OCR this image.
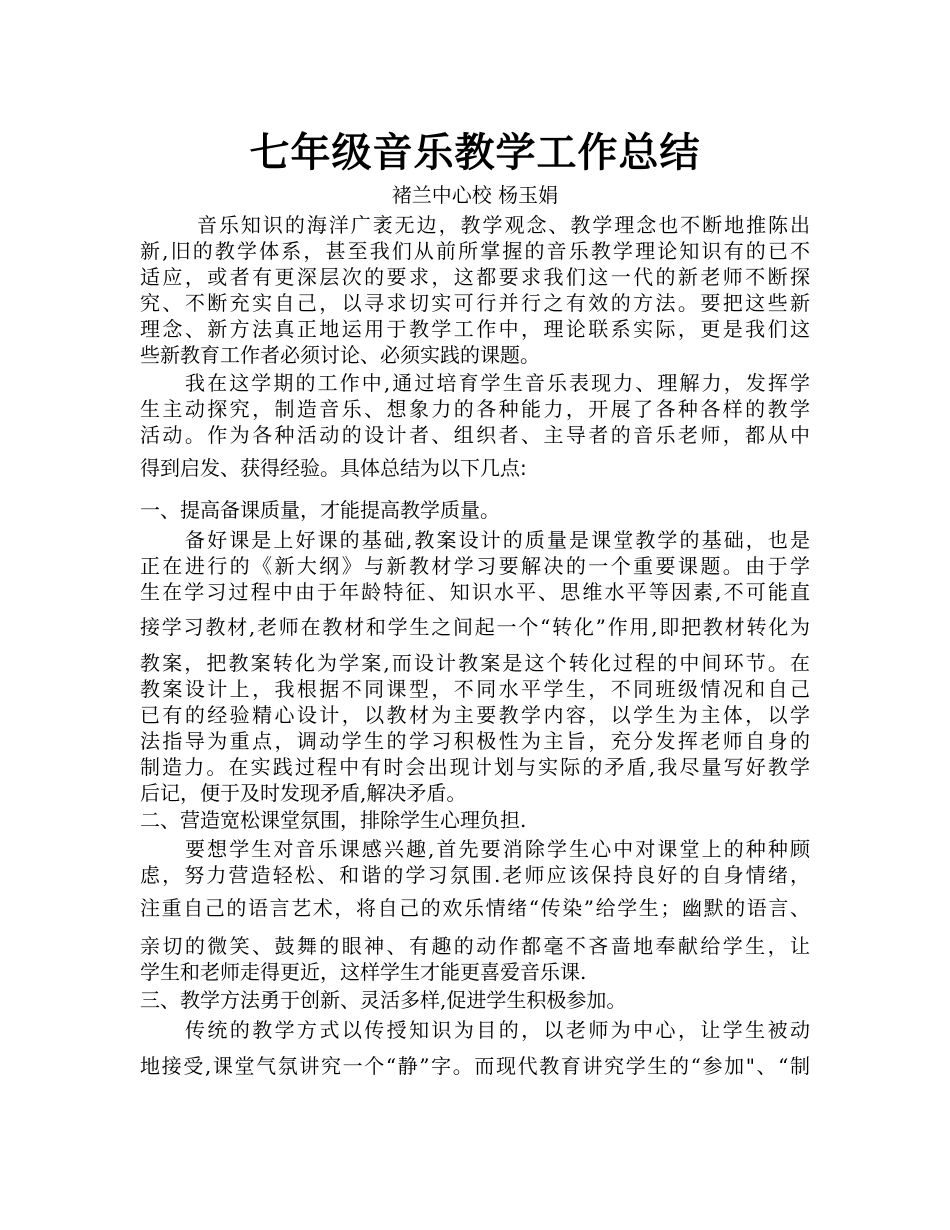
七年级音乐教学工作总结
褚兰中心校 杨玉娟
音乐知识的海洋广袤无边，教学观念、教学理念也不断地推陈出
新,旧的教学体系，甚至我们从前所掌握的音乐教学理论知识有的已不
适应，或者有更深层次的要求，这都要求我们这一代的新老师不断探
究、不断充实自己，以寻求切实可行并行之有效的方法。要把这些新
理念、新方法真正地运用于教学工作中，理论联系实际，更是我们这
些新教育工作者必须讨论、必须实践的课题。
我在这学期的工作中,通过培育学生音乐表现力、理解力，发挥学
生主动探究，制造音乐、想象力的各种能力，开展了各种各样的教学
活动。作为各种活动的设计者、组织者、主导者的音乐老师，都从中
得到启发、获得经验。具体总结为以下几点:
一、提高备课质量，才能提高教学质量。
备好课是上好课的基础,教案设计的质量是课堂教学的基础，也是
正在进行的《新大纲》与新教材学习要解决的一个重要课题。由于学
生在学习过程中由于年龄特征、知识水平、思维水平等因素,不可能直
接学习教材,老师在教材和学生之间起一个“转化”作用,即把教材转化为
教案，把教案转化为学案,而设计教案是这个转化过程的中间环节。在
教案设计上，我根据不同课型，不同水平学生，不同班级情况和自己
已有的经验精心设计，以教材为主要教学内容，以学生为主体，以学
法指导为重点，调动学生的学习积极性为主旨，充分发挥老师自身的
制造力。在实践过程中有时会出现计划与实际的矛盾,我尽量写好教学
后记，便于及时发现矛盾,解决矛盾。
二、营造宽松课堂氛围，排除学生心理负担.
要想学生对音乐课感兴趣,首先要消除学生心中对课堂上的种种顾
虑，努力营造轻松、和谐的学习氛围.老师应该保持良好的自身情绪，
注重自己的语言艺术，将自己的欢乐情绪“传染”给学生；幽默的语言、
亲切的微笑、鼓舞的眼神、有趣的动作都毫不吝啬地奉献给学生，让
学生和老师走得更近，这样学生才能更喜爱音乐课.
三、教学方法勇于创新、灵活多样,促进学生积极参加。
传统的教学方式以传授知识为目的，以老师为中心，让学生被动
地接受,课堂气氛讲究一个“静”字。而现代教育讲究学生的“参加"、“制
